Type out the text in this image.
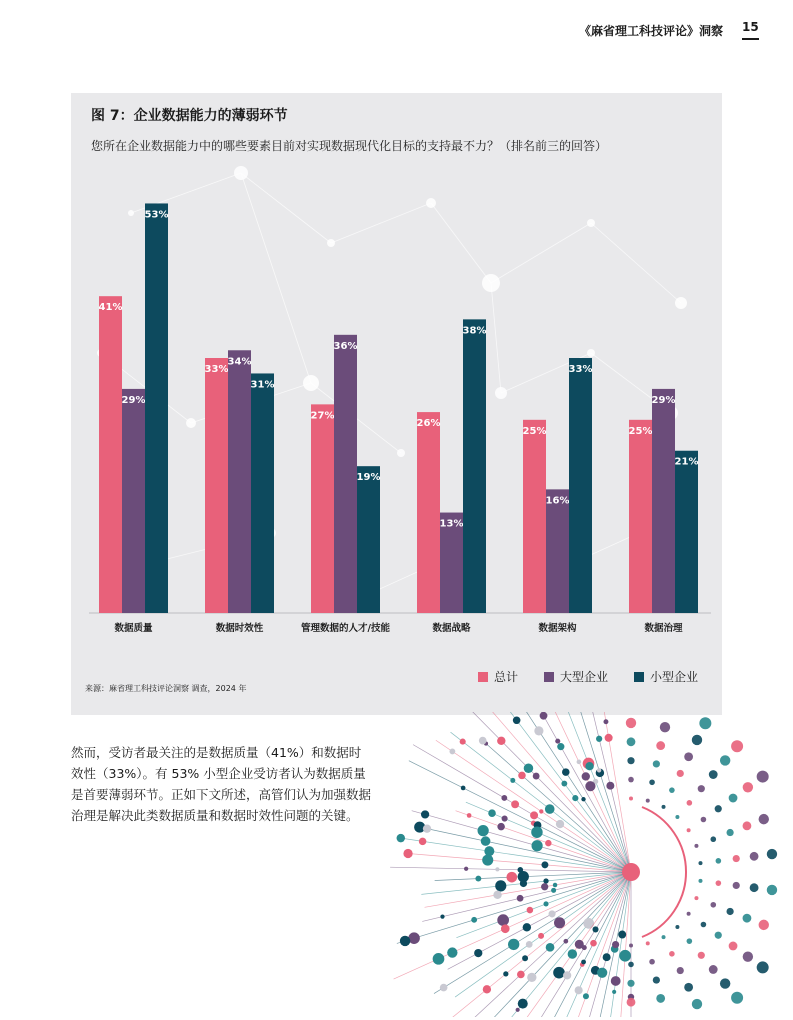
《麻省理工科技评论》洞察 15
图 7：企业数据能力的薄弱环节
您所在企业数据能力中的哪些要素目前对实现数据现代化目标的支持最不力？（排名前三的回答）
41%
29%
53%
数据质量
33%
34%
31%
数据时效性
27%
36%
19%
管理数据的人才/技能
26%
13%
38%
数据战略
25%
16%
33%
数据架构
25%
29%
21%
数据治理
总计	大型企业	小型企业
来源：麻省理工科技评论洞察 调查，2024 年
然而，受访者最关注的是数据质量（41%）和数据时效性（33%）。有 53% 小型企业受访者认为数据质量是首要薄弱环节。正如下文所述，高管们认为加强数据治理是解决此类数据质量和数据时效性问题的关键。
